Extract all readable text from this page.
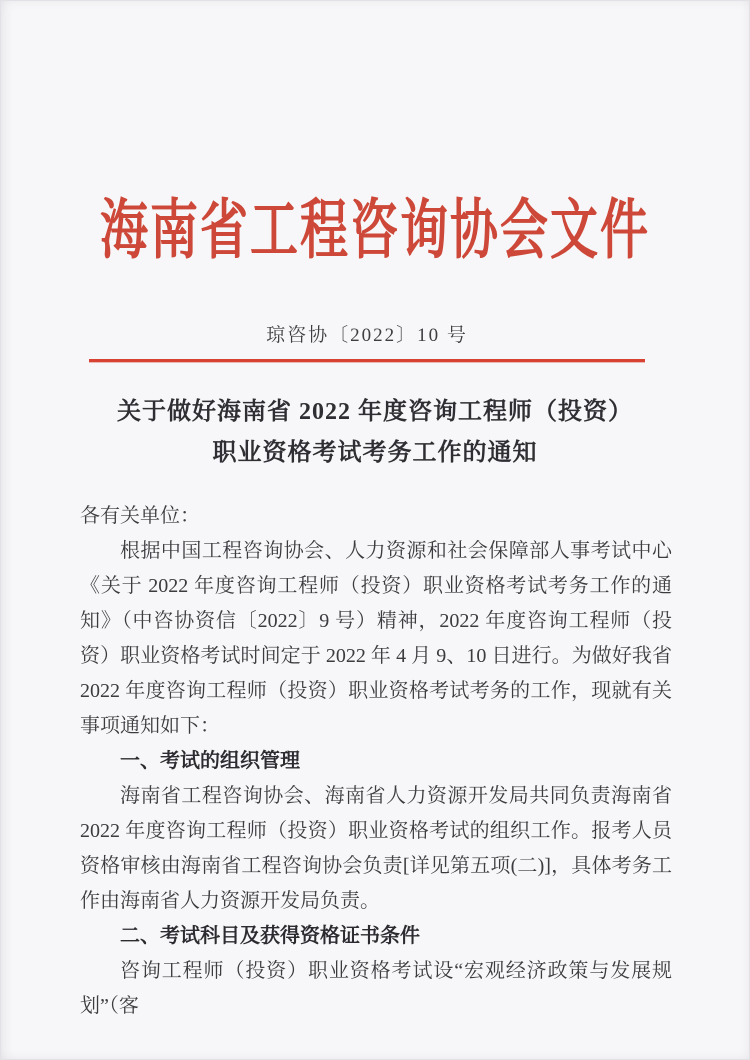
海南省工程咨询协会文件
琼咨协〔2022〕10 号
关于做好海南省 2022 年度咨询工程师（投资）
职业资格考试考务工作的通知

各有关单位：

根据中国工程咨询协会、人力资源和社会保障部人事考试中心《关于 2022 年度咨询工程师（投资）职业资格考试考务工作的通知》（中咨协资信〔2022〕9 号）精神，2022 年度咨询工程师（投资）职业资格考试时间定于 2022 年 4 月 9、10 日进行。为做好我省 2022 年度咨询工程师（投资）职业资格考试考务的工作，现就有关事项通知如下：

一、考试的组织管理

海南省工程咨询协会、海南省人力资源开发局共同负责海南省 2022 年度咨询工程师（投资）职业资格考试的组织工作。报考人员资格审核由海南省工程咨询协会负责[详见第五项(二)]，具体考务工作由海南省人力资源开发局负责。

二、考试科目及获得资格证书条件

咨询工程师（投资）职业资格考试设“宏观经济政策与发展规划”（客
